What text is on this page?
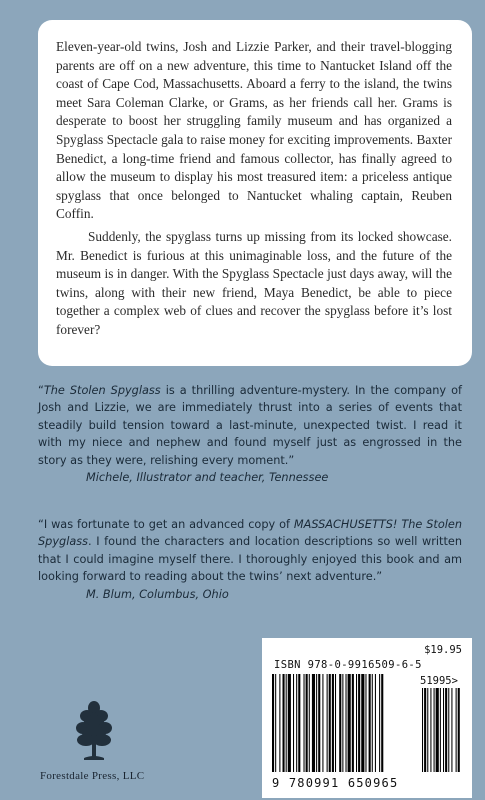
Eleven-year-old twins, Josh and Lizzie Parker, and their travel-blogging parents are off on a new adventure, this time to Nantucket Island off the coast of Cape Cod, Massachusetts. Aboard a ferry to the island, the twins meet Sara Coleman Clarke, or Grams, as her friends call her. Grams is desperate to boost her struggling family museum and has organized a Spyglass Spectacle gala to raise money for exciting improvements. Baxter Benedict, a long-time friend and famous collector, has finally agreed to allow the museum to display his most treasured item: a priceless antique spyglass that once belonged to Nantucket whaling captain, Reuben Coffin.

Suddenly, the spyglass turns up missing from its locked showcase. Mr. Benedict is furious at this unimaginable loss, and the future of the museum is in danger. With the Spyglass Spectacle just days away, will the twins, along with their new friend, Maya Benedict, be able to piece together a complex web of clues and recover the spyglass before it’s lost forever?

“The Stolen Spyglass is a thrilling adventure-mystery. In the company of Josh and Lizzie, we are immediately thrust into a series of events that steadily build tension toward a last-minute, unexpected twist. I read it with my niece and nephew and found myself just as engrossed in the story as they were, relishing every moment.”
Michele, Illustrator and teacher, Tennessee
“I was fortunate to get an advanced copy of MASSACHUSETTS! The Stolen Spyglass. I found the characters and location descriptions so well written that I could imagine myself there. I thoroughly enjoyed this book and am looking forward to reading about the twins’ next adventure.”
M. Blum, Columbus, Ohio
Forestdale Press, LLC
$19.95
ISBN 978-0-9916509-6-5
51995>
9 780991 650965
